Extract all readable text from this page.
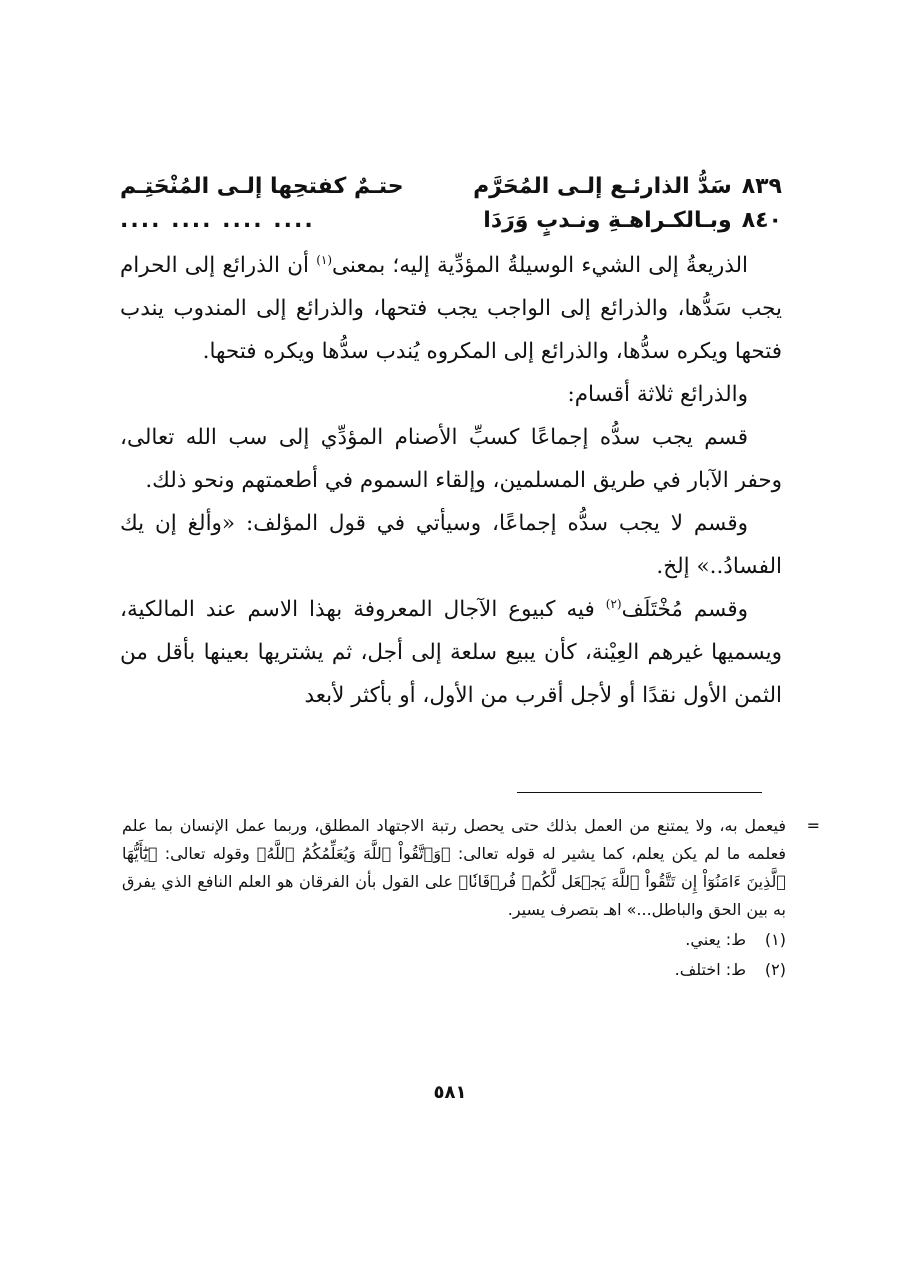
٨٣٩
سَدُّ الذارئـع إلـى المُحَرَّم
حتـمٌ كفتحِها إلـى المُنْحَتِـم
٨٤٠
وبـالكـراهـةِ ونـدبٍ وَرَدَا
.... .... .... ....

الذريعةُ إلى الشيء الوسيلةُ المؤدِّية إليه؛ بمعنى$^{(١)}$ أن الذرائع إلى الحرام يجب سَدُّها، والذرائع إلى الواجب يجب فتحها، والذرائع إلى المندوب يندب فتحها ويكره سدُّها، والذرائع إلى المكروه يُندب سدُّها ويكره فتحها.

والذرائع ثلاثة أقسام:

قسم يجب سدُّه إجماعًا كسبِّ الأصنام المؤدِّي إلى سب الله تعالى، وحفر الآبار في طريق المسلمين، وإلقاء السموم في أطعمتهم ونحو ذلك.

وقسم لا يجب سدُّه إجماعًا، وسيأتي في قول المؤلف: «وألغ إن يك الفسادُ..» إلخ.

وقسم مُخْتَلَف$^{(٢)}$ فيه كبيوع الآجال المعروفة بهذا الاسم عند المالكية، ويسميها غيرهم العِيْنة، كأن يبيع سلعة إلى أجل، ثم يشتريها بعينها بأقل من الثمن الأول نقدًا أو لأجل أقرب من الأول، أو بأكثر لأبعد

=
فيعمل به، ولا يمتنع من العمل بذلك حتى يحصل رتبة الاجتهاد المطلق، وربما عمل الإنسان بما علم فعلمه ما لم يكن يعلم، كما يشير له قوله تعالى: ﴿وَٱتَّقُواْ ٱللَّهَ وَيُعَلِّمُكُمُ ٱللَّهُ﴾ وقوله تعالى: ﴿يَٰٓأَيُّهَا ٱلَّذِينَ ءَامَنُوٓاْ إِن تَتَّقُواْ ٱللَّهَ يَجۡعَل لَّكُمۡ فُرۡقَانٗا﴾ على القول بأن الفرقان هو العلم النافع الذي يفرق به بين الحق والباطل...» اهـ بتصرف يسير.

(١)
ط: يعني.
(٢)
ط: اختلف.
٥٨١
